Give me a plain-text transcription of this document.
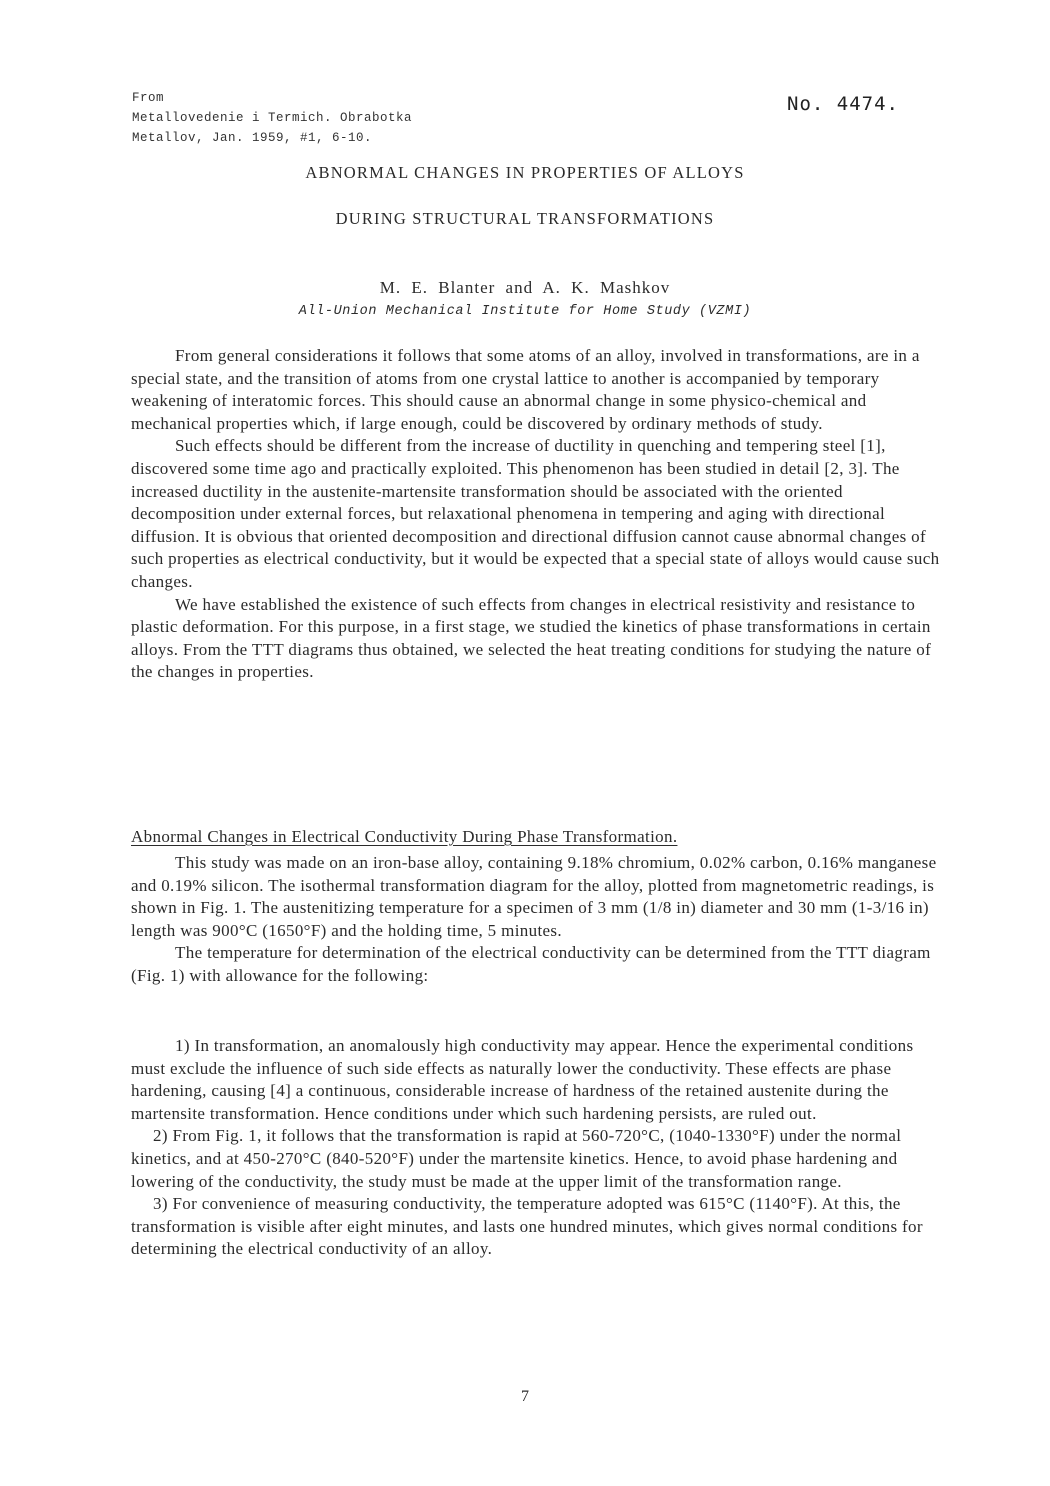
From
Metallovedenie i Termich. Obrabotka
Metallov, Jan. 1959, #1, 6-10.
No. 4474.
ABNORMAL CHANGES IN PROPERTIES OF ALLOYS
DURING STRUCTURAL TRANSFORMATIONS
M. E. Blanter and A. K. Mashkov
All-Union Mechanical Institute for Home Study (VZMI)

From general considerations it follows that some atoms of an alloy, involved in transformations, are in a special state, and the transition of atoms from one crystal lattice to another is accompanied by temporary weakening of interatomic forces. This should cause an abnormal change in some physico-chemical and mechanical properties which, if large enough, could be discovered by ordinary methods of study.

Such effects should be different from the increase of ductility in quenching and tempering steel [1], discovered some time ago and practically exploited. This phenomenon has been studied in detail [2, 3]. The increased ductility in the austenite-martensite transformation should be associated with the oriented decomposition under external forces, but relaxational phenomena in tempering and aging with directional diffusion. It is obvious that oriented decomposition and directional diffusion cannot cause abnormal changes of such properties as electrical conductivity, but it would be expected that a special state of alloys would cause such changes.

We have established the existence of such effects from changes in electrical resistivity and resistance to plastic deformation. For this purpose, in a first stage, we studied the kinetics of phase transformations in certain alloys. From the TTT diagrams thus obtained, we selected the heat treating conditions for studying the nature of the changes in properties.

Abnormal Changes in Electrical Conductivity During Phase Transformation.

This study was made on an iron-base alloy, containing 9.18% chromium, 0.02% carbon, 0.16% manganese and 0.19% silicon. The isothermal transformation diagram for the alloy, plotted from magnetometric readings, is shown in Fig. 1. The austenitizing temperature for a specimen of 3 mm (1/8 in) diameter and 30 mm (1-3/16 in) length was 900°C (1650°F) and the holding time, 5 minutes.

The temperature for determination of the electrical conductivity can be determined from the TTT diagram (Fig. 1) with allowance for the following:

1) In transformation, an anomalously high conductivity may appear. Hence the experimental conditions must exclude the influence of such side effects as naturally lower the conductivity. These effects are phase hardening, causing [4] a continuous, considerable increase of hardness of the retained austenite during the martensite transformation. Hence conditions under which such hardening persists, are ruled out.

2) From Fig. 1, it follows that the transformation is rapid at 560-720°C, (1040-1330°F) under the normal kinetics, and at 450-270°C (840-520°F) under the martensite kinetics. Hence, to avoid phase hardening and lowering of the conductivity, the study must be made at the upper limit of the transformation range.

3) For convenience of measuring conductivity, the temperature adopted was 615°C (1140°F). At this, the transformation is visible after eight minutes, and lasts one hundred minutes, which gives normal conditions for determining the electrical conductivity of an alloy.

7
